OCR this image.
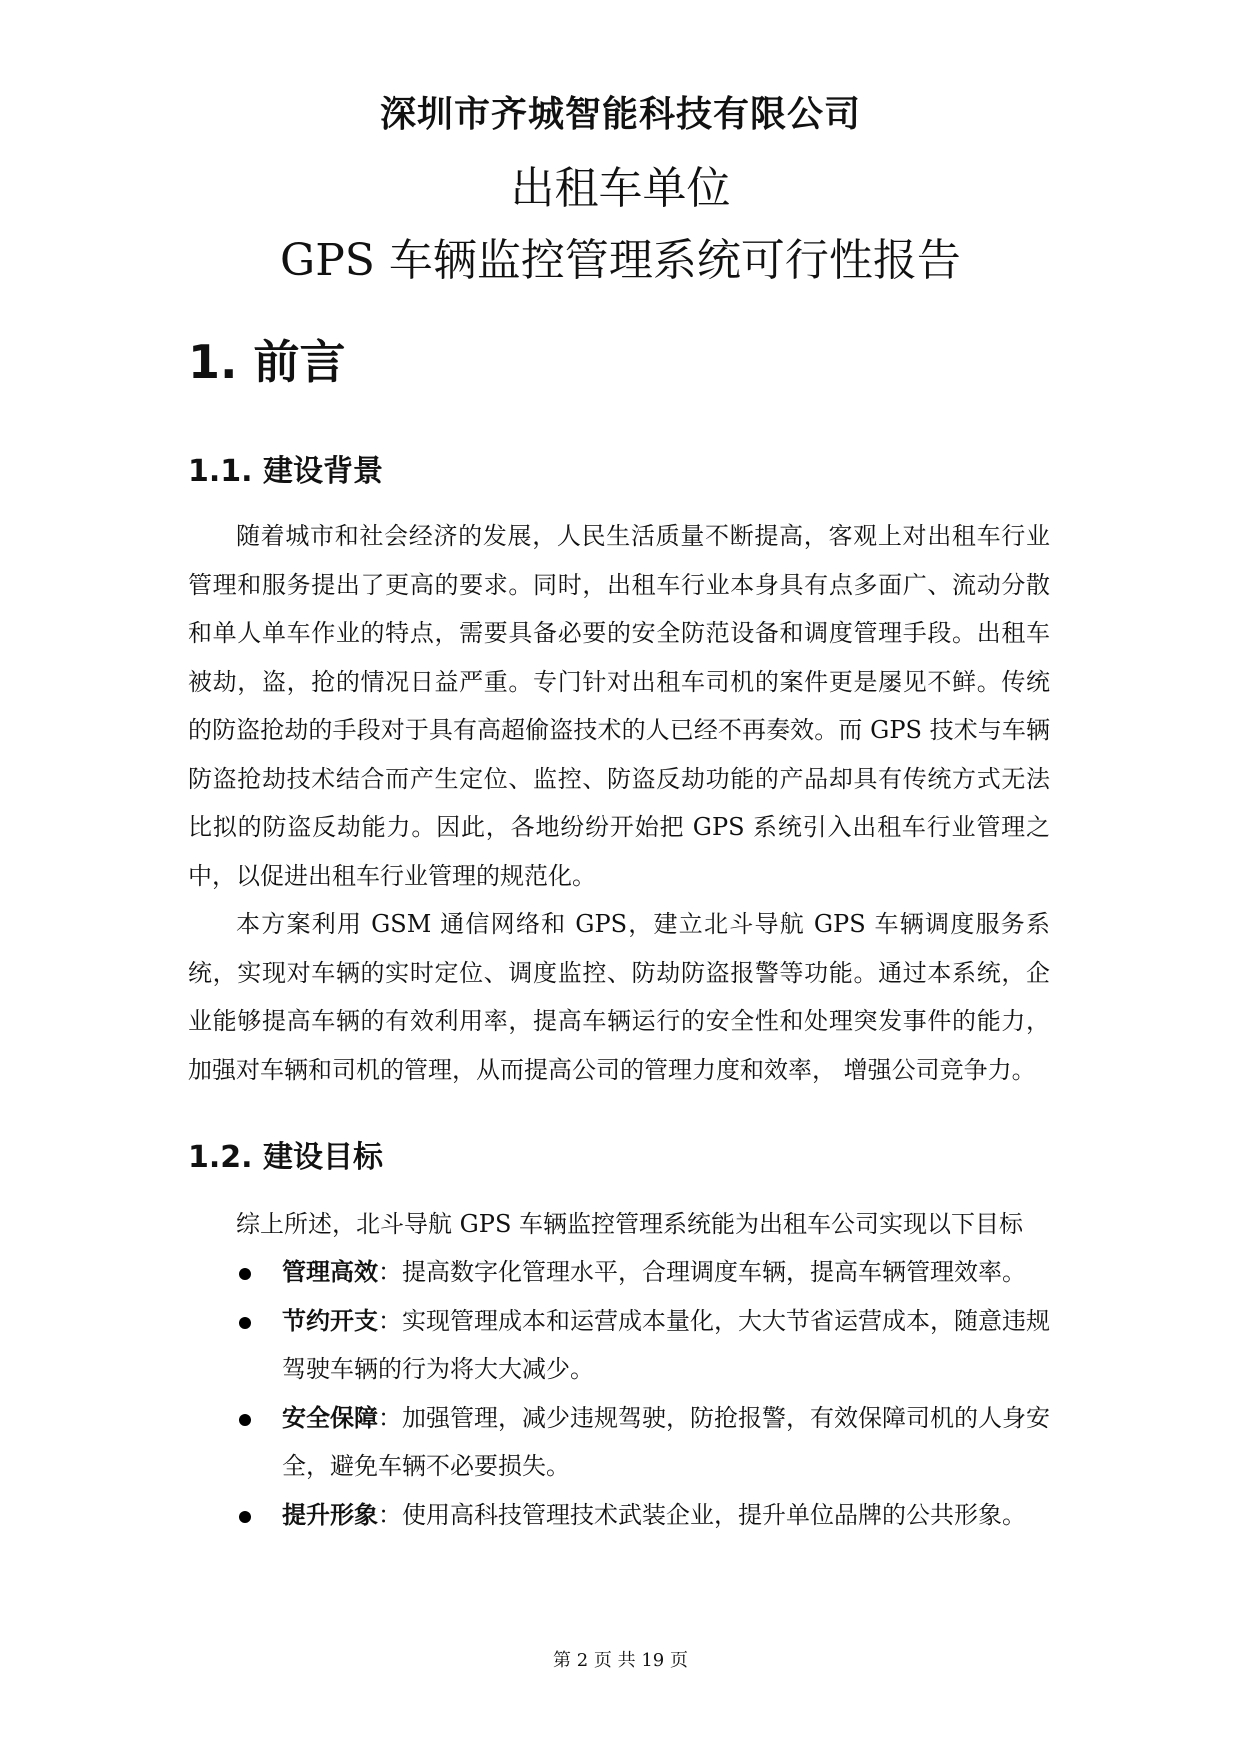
深圳市齐城智能科技有限公司
出租车单位
GPS 车辆监控管理系统可行性报告
1. 前言
1.1. 建设背景

随着城市和社会经济的发展，人民生活质量不断提高，客观上对出租车行业管理和服务提出了更高的要求。同时，出租车行业本身具有点多面广、流动分散和单人单车作业的特点，需要具备必要的安全防范设备和调度管理手段。出租车被劫，盗，抢的情况日益严重。专门针对出租车司机的案件更是屡见不鲜。传统的防盗抢劫的手段对于具有高超偷盗技术的人已经不再奏效。而 GPS 技术与车辆防盗抢劫技术结合而产生定位、监控、防盗反劫功能的产品却具有传统方式无法比拟的防盗反劫能力。因此，各地纷纷开始把 GPS 系统引入出租车行业管理之中，以促进出租车行业管理的规范化。

本方案利用 GSM 通信网络和 GPS，建立北斗导航 GPS 车辆调度服务系统，实现对车辆的实时定位、调度监控、防劫防盗报警等功能。通过本系统，企业能够提高车辆的有效利用率，提高车辆运行的安全性和处理突发事件的能力，加强对车辆和司机的管理，从而提高公司的管理力度和效率， 增强公司竞争力。

1.2. 建设目标

综上所述，北斗导航 GPS 车辆监控管理系统能为出租车公司实现以下目标

管理高效：提高数字化管理水平，合理调度车辆，提高车辆管理效率。
节约开支：实现管理成本和运营成本量化，大大节省运营成本，随意违规驾驶车辆的行为将大大减少。
安全保障：加强管理，减少违规驾驶，防抢报警，有效保障司机的人身安全，避免车辆不必要损失。
提升形象：使用高科技管理技术武装企业，提升单位品牌的公共形象。
第 2 页 共 19 页
